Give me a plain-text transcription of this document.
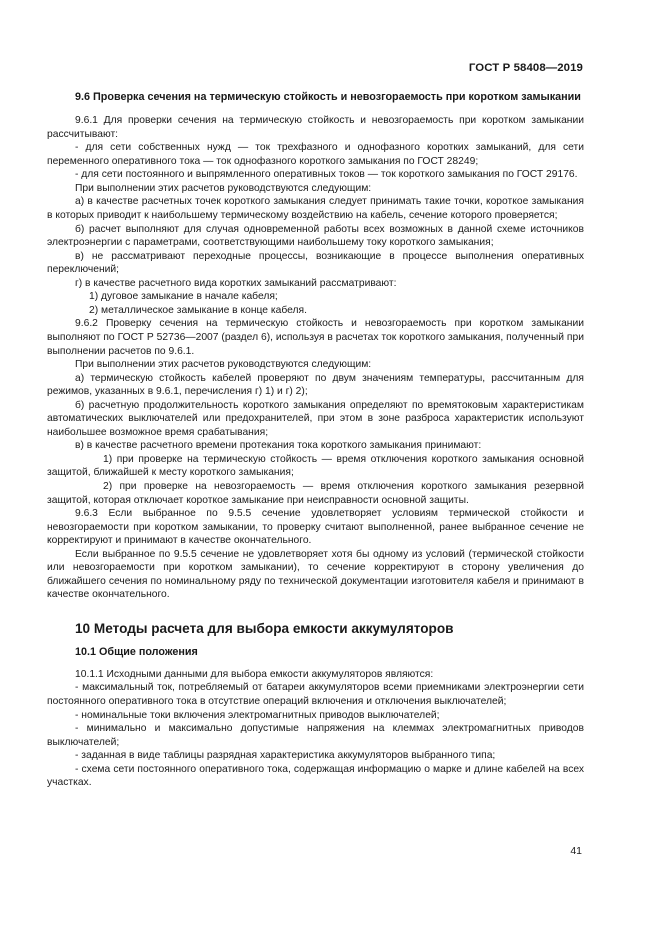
ГОСТ Р 58408—2019
9.6 Проверка сечения на термическую стойкость и невозгораемость при коротком замыкании

9.6.1 Для проверки сечения на термическую стойкость и невозгораемость при коротком замыкании рассчитывают:

- для сети собственных нужд — ток трехфазного и однофазного коротких замыканий, для сети переменного оперативного тока — ток однофазного короткого замыкания по ГОСТ 28249;

- для сети постоянного и выпрямленного оперативных токов — ток короткого замыкания по ГОСТ 29176.

При выполнении этих расчетов руководствуются следующим:

а) в качестве расчетных точек короткого замыкания следует принимать такие точки, короткое замыкания в которых приводит к наибольшему термическому воздействию на кабель, сечение которого проверяется;

б) расчет выполняют для случая одновременной работы всех возможных в данной схеме источников электроэнергии с параметрами, соответствующими наибольшему току короткого замыкания;

в) не рассматривают переходные процессы, возникающие в процессе выполнения оперативных переключений;

г) в качестве расчетного вида коротких замыканий рассматривают:

1) дуговое замыкание в начале кабеля;

2) металлическое замыкание в конце кабеля.

9.6.2 Проверку сечения на термическую стойкость и невозгораемость при коротком замыкании выполняют по ГОСТ Р 52736—2007 (раздел 6), используя в расчетах ток короткого замыкания, полученный при выполнении расчетов по 9.6.1.

При выполнении этих расчетов руководствуются следующим:

а) термическую стойкость кабелей проверяют по двум значениям температуры, рассчитанным для режимов, указанных в 9.6.1, перечисления г) 1) и г) 2);

б) расчетную продолжительность короткого замыкания определяют по времятоковым характеристикам автоматических выключателей или предохранителей, при этом в зоне разброса характеристик используют наибольшее возможное время срабатывания;

в) в качестве расчетного времени протекания тока короткого замыкания принимают:

1) при проверке на термическую стойкость — время отключения короткого замыкания основной защитой, ближайшей к месту короткого замыкания;

2) при проверке на невозгораемость — время отключения короткого замыкания резервной защитой, которая отключает короткое замыкание при неисправности основной защиты.

9.6.3 Если выбранное по 9.5.5 сечение удовлетворяет условиям термической стойкости и невозгораемости при коротком замыкании, то проверку считают выполненной, ранее выбранное сечение не корректируют и принимают в качестве окончательного.

Если выбранное по 9.5.5 сечение не удовлетворяет хотя бы одному из условий (термической стойкости или невозгораемости при коротком замыкании), то сечение корректируют в сторону увеличения до ближайшего сечения по номинальному ряду по технической документации изготовителя кабеля и принимают в качестве окончательного.

10 Методы расчета для выбора емкости аккумуляторов
10.1 Общие положения

10.1.1 Исходными данными для выбора емкости аккумуляторов являются:

- максимальный ток, потребляемый от батареи аккумуляторов всеми приемниками электроэнергии сети постоянного оперативного тока в отсутствие операций включения и отключения выключателей;

- номинальные токи включения электромагнитных приводов выключателей;

- минимально и максимально допустимые напряжения на клеммах электромагнитных приводов выключателей;

- заданная в виде таблицы разрядная характеристика аккумуляторов выбранного типа;

- схема сети постоянного оперативного тока, содержащая информацию о марке и длине кабелей на всех участках.

41
